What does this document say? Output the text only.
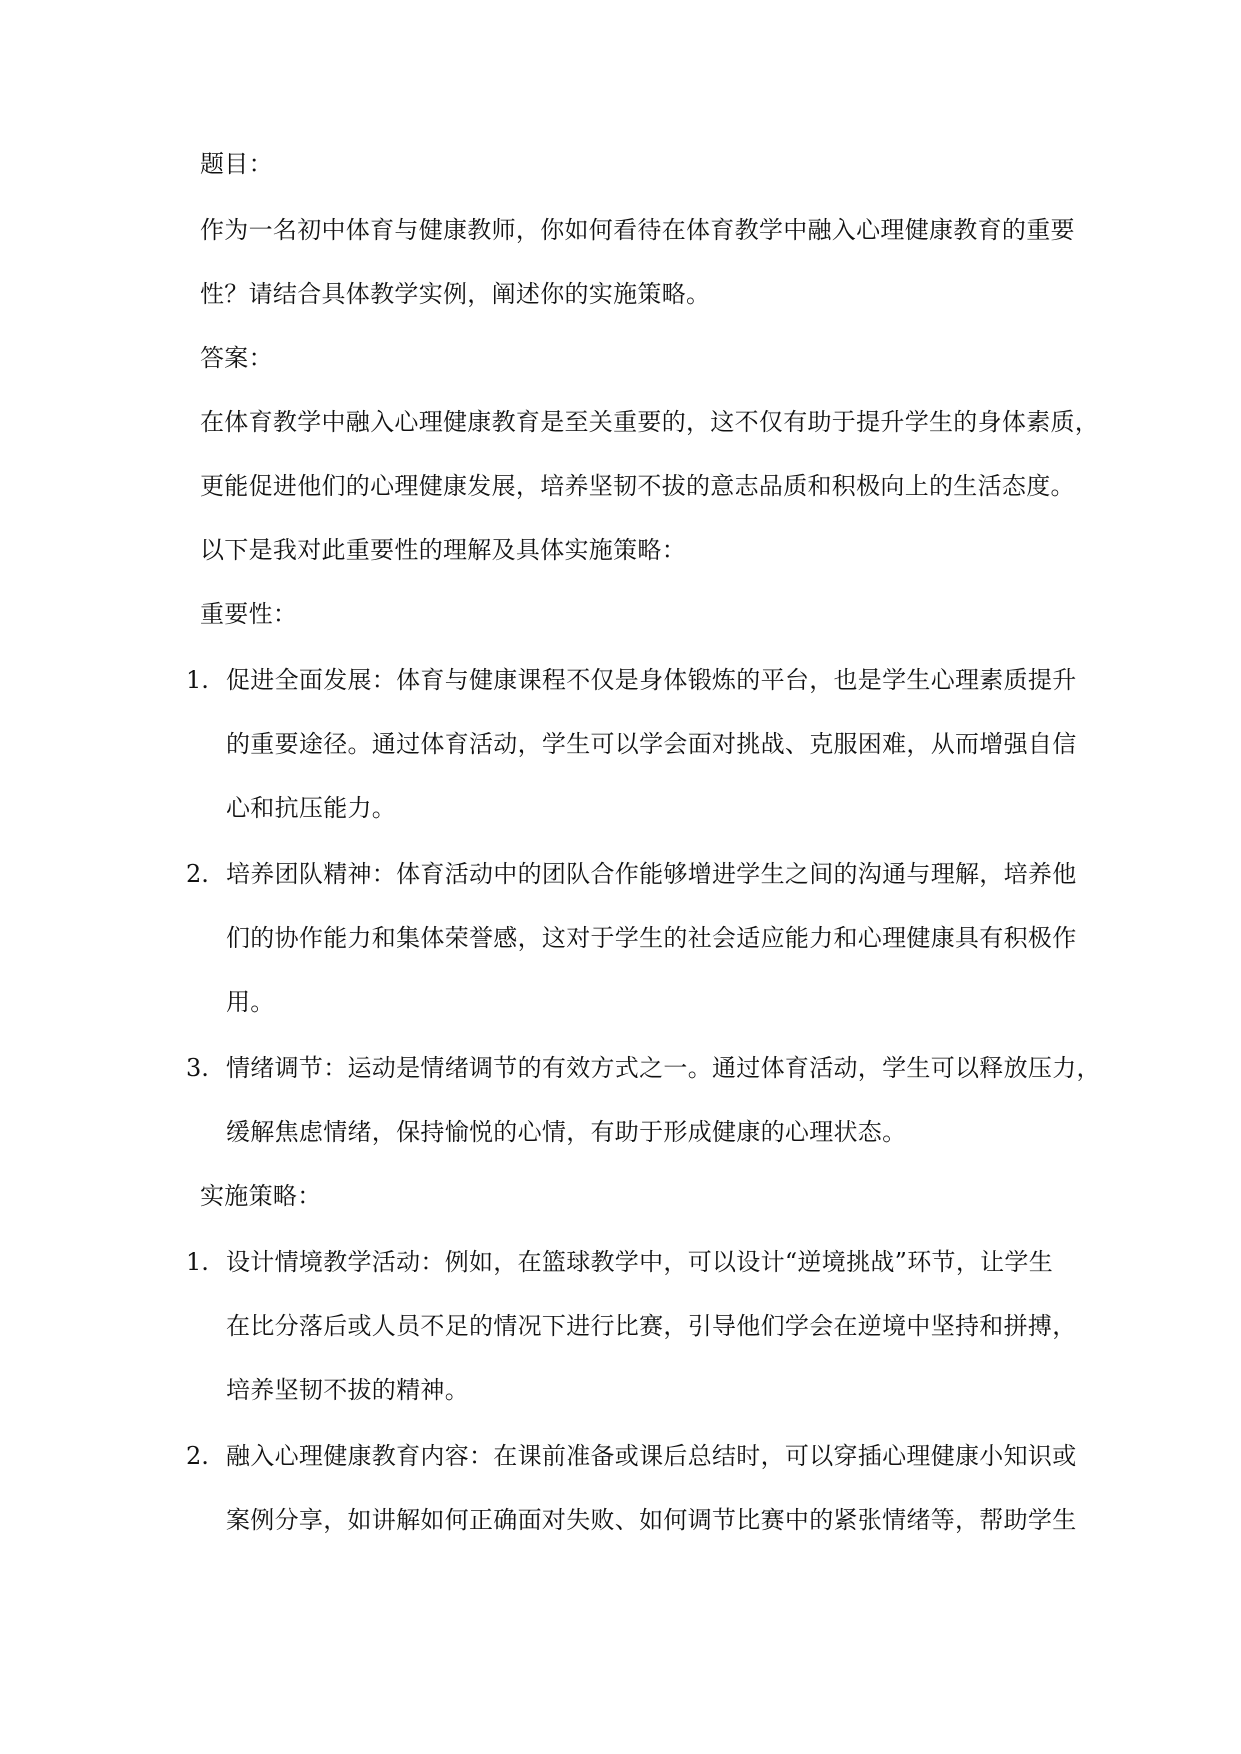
题目：
作为一名初中体育与健康教师，你如何看待在体育教学中融入心理健康教育的重要
性？请结合具体教学实例，阐述你的实施策略。
答案：
在体育教学中融入心理健康教育是至关重要的，这不仅有助于提升学生的身体素质，
更能促进他们的心理健康发展，培养坚韧不拔的意志品质和积极向上的生活态度。
以下是我对此重要性的理解及具体实施策略：
重要性：
1. 促进全面发展：体育与健康课程不仅是身体锻炼的平台，也是学生心理素质提升
的重要途径。通过体育活动，学生可以学会面对挑战、克服困难，从而增强自信
心和抗压能力。
2. 培养团队精神：体育活动中的团队合作能够增进学生之间的沟通与理解，培养他
们的协作能力和集体荣誉感，这对于学生的社会适应能力和心理健康具有积极作
用。
3. 情绪调节：运动是情绪调节的有效方式之一。通过体育活动，学生可以释放压力，
缓解焦虑情绪，保持愉悦的心情，有助于形成健康的心理状态。
实施策略：
1. 设计情境教学活动：例如，在篮球教学中，可以设计“逆境挑战”环节，让学生
在比分落后或人员不足的情况下进行比赛，引导他们学会在逆境中坚持和拼搏，
培养坚韧不拔的精神。
2. 融入心理健康教育内容：在课前准备或课后总结时，可以穿插心理健康小知识或
案例分享，如讲解如何正确面对失败、如何调节比赛中的紧张情绪等，帮助学生
